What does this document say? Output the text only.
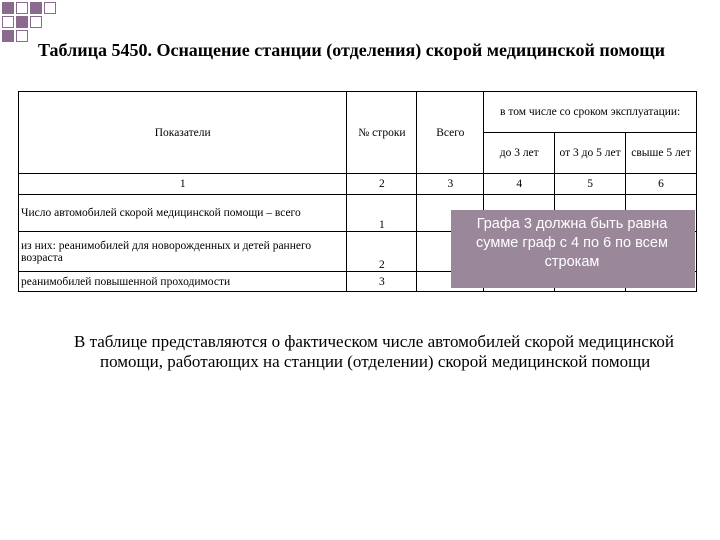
Таблица 5450. Оснащение станции (отделения) скорой медицинской помощи
Показатели	№ строки	Всего	в том числе со сроком эксплуатации:		
			до 3 лет	от 3 до 5 лет	свыше 5 лет
1	2	3	4	5	6
Число автомобилей скорой медицинской помощи – всего	1				
из них: реанимобилей для новорожденных и детей раннего возраста	2				
реанимобилей повышенной проходимости	3				
Графа 3 должна быть равна сумме граф с 4 по 6 по всем строкам
В таблице представляются о фактическом числе автомобилей скорой медицинской помощи, работающих на станции (отделении) скорой медицинской помощи
